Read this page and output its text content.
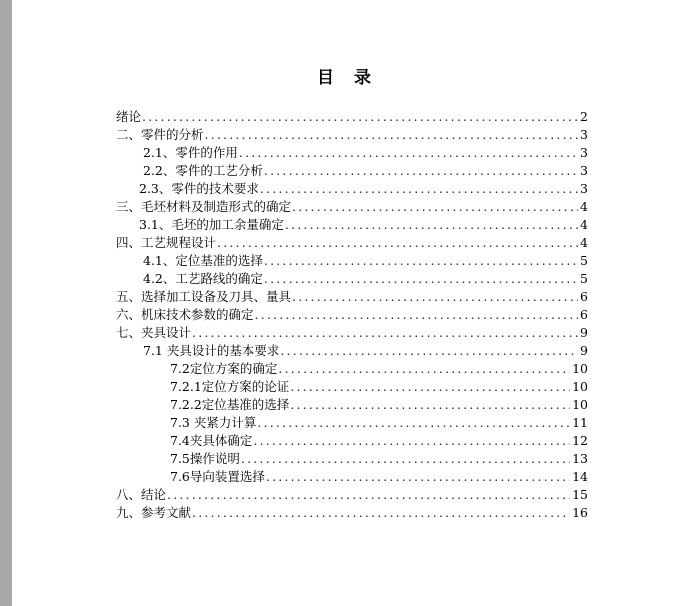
目 录
绪论 .....	2
二、零件的分析 .....	3
2.1、零件的作用 .....	3
2.2、零件的工艺分析 .....	3
2.3、零件的技术要求 .....	3
三、毛坯材料及制造形式的确定 .....	4
3.1、毛坯的加工余量确定 .....	4
四、工艺规程设计 .....	4
4.1、定位基准的选择 .....	5
4.2、工艺路线的确定 .....	5
五、选择加工设备及刀具、量具 .....	6
六、机床技术参数的确定 .....	6
七、夹具设计 .....	9
7.1 夹具设计的基本要求 .....	9
7.2定位方案的确定 .....	10
7.2.1定位方案的论证 .....	10
7.2.2定位基准的选择 .....	10
7.3 夹紧力计算 .....	11
7.4夹具体确定 .....	12
7.5操作说明 .....	13
7.6导向装置选择 .....	14
八、结论 .....	15
九、参考文献 .....	16
